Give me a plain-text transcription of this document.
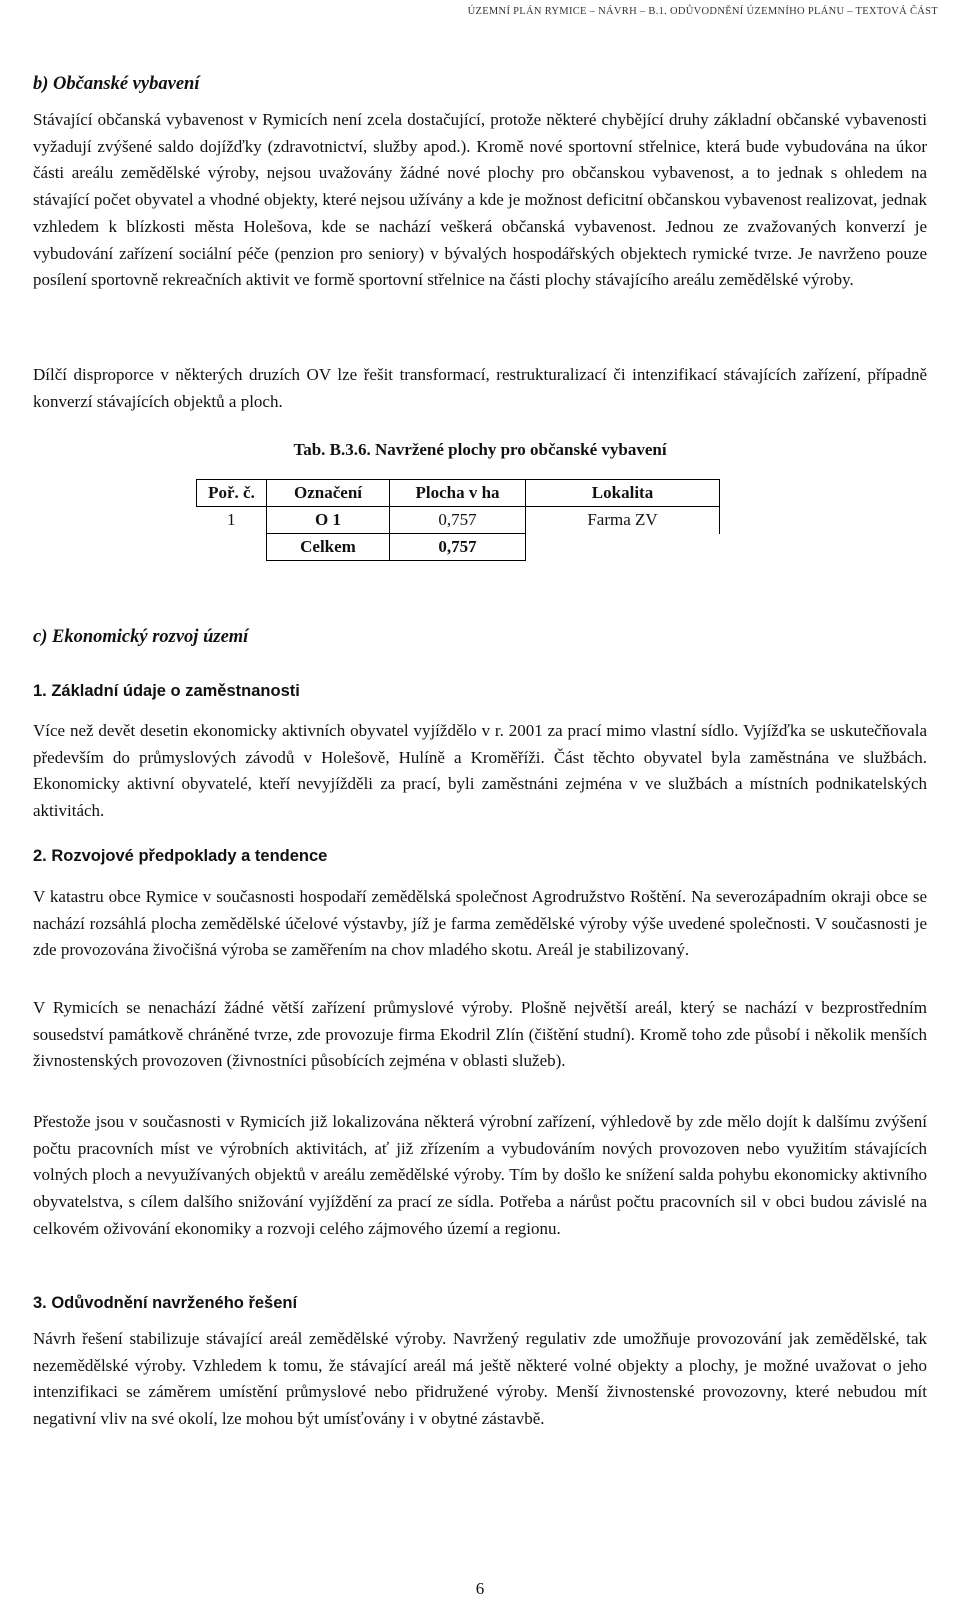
ÚZEMNÍ PLÁN RYMICE – NÁVRH – B.1. ODŮVODNĚNÍ ÚZEMNÍHO PLÁNU – TEXTOVÁ ČÁST
b) Občanské vybavení

Stávající občanská vybavenost v Rymicích není zcela dostačující, protože některé chybějící druhy základní občanské vybavenosti vyžadují zvýšené saldo dojížďky (zdravotnictví, služby apod.). Kromě nové sportovní střelnice, která bude vybudována na úkor části areálu zemědělské výroby, nejsou uvažovány žádné nové plochy pro občanskou vybavenost, a to jednak s ohledem na stávající počet obyvatel a vhodné objekty, které nejsou užívány a kde je možnost deficitní občanskou vybavenost realizovat, jednak vzhledem k blízkosti města Holešova, kde se nachází veškerá občanská vybavenost. Jednou ze zvažovaných konverzí je vybudování zařízení sociální péče (penzion pro seniory) v bývalých hospodářských objektech rymické tvrze. Je navrženo pouze posílení sportovně rekreačních aktivit ve formě sportovní střelnice na části plochy stávajícího areálu zemědělské výroby.

Dílčí disproporce v některých druzích OV lze řešit transformací, restrukturalizací či intenzifikací stávajících zařízení, případně konverzí stávajících objektů a ploch.

Tab. B.3.6. Navržené plochy pro občanské vybavení
Poř. č.	Označení	Plocha v ha	Lokalita
1	O 1	0,757	Farma ZV
	Celkem	0,757	
c) Ekonomický rozvoj území
1. Základní údaje o zaměstnanosti

Více než devět desetin ekonomicky aktivních obyvatel vyjíždělo v r. 2001 za prací mimo vlastní sídlo. Vyjížďka se uskutečňovala především do průmyslových závodů v Holešově, Hulíně a Kroměříži. Část těchto obyvatel byla zaměstnána ve službách. Ekonomicky aktivní obyvatelé, kteří nevyjížděli za prací, byli zaměstnáni zejména v ve službách a místních podnikatelských aktivitách.

2. Rozvojové předpoklady a tendence

V katastru obce Rymice v současnosti hospodaří zemědělská společnost Agrodružstvo Roštění. Na severozápadním okraji obce se nachází rozsáhlá plocha zemědělské účelové výstavby, jíž je farma zemědělské výroby výše uvedené společnosti. V současnosti je zde provozována živočišná výroba se zaměřením na chov mladého skotu. Areál je stabilizovaný.

V Rymicích se nenachází žádné větší zařízení průmyslové výroby. Plošně největší areál, který se nachází v bezprostředním sousedství památkově chráněné tvrze, zde provozuje firma Ekodril Zlín (čištění studní). Kromě toho zde působí i několik menších živnostenských provozoven (živnostníci působících zejména v oblasti služeb).

Přestože jsou v současnosti v Rymicích již lokalizována některá výrobní zařízení, výhledově by zde mělo dojít k dalšímu zvýšení počtu pracovních míst ve výrobních aktivitách, ať již zřízením a vybudováním nových provozoven nebo využitím stávajících volných ploch a nevyužívaných objektů v areálu zemědělské výroby. Tím by došlo ke snížení salda pohybu ekonomicky aktivního obyvatelstva, s cílem dalšího snižování vyjíždění za prací ze sídla. Potřeba a nárůst počtu pracovních sil v obci budou závislé na celkovém oživování ekonomiky a rozvoji celého zájmového území a regionu.

3. Odůvodnění navrženého řešení

Návrh řešení stabilizuje stávající areál zemědělské výroby. Navržený regulativ zde umožňuje provozování jak zemědělské, tak nezemědělské výroby. Vzhledem k tomu, že stávající areál má ještě některé volné objekty a plochy, je možné uvažovat o jeho intenzifikaci se záměrem umístění průmyslové nebo přidružené výroby. Menší živnostenské provozovny, které nebudou mít negativní vliv na své okolí, lze mohou být umísťovány i v obytné zástavbě.

6
